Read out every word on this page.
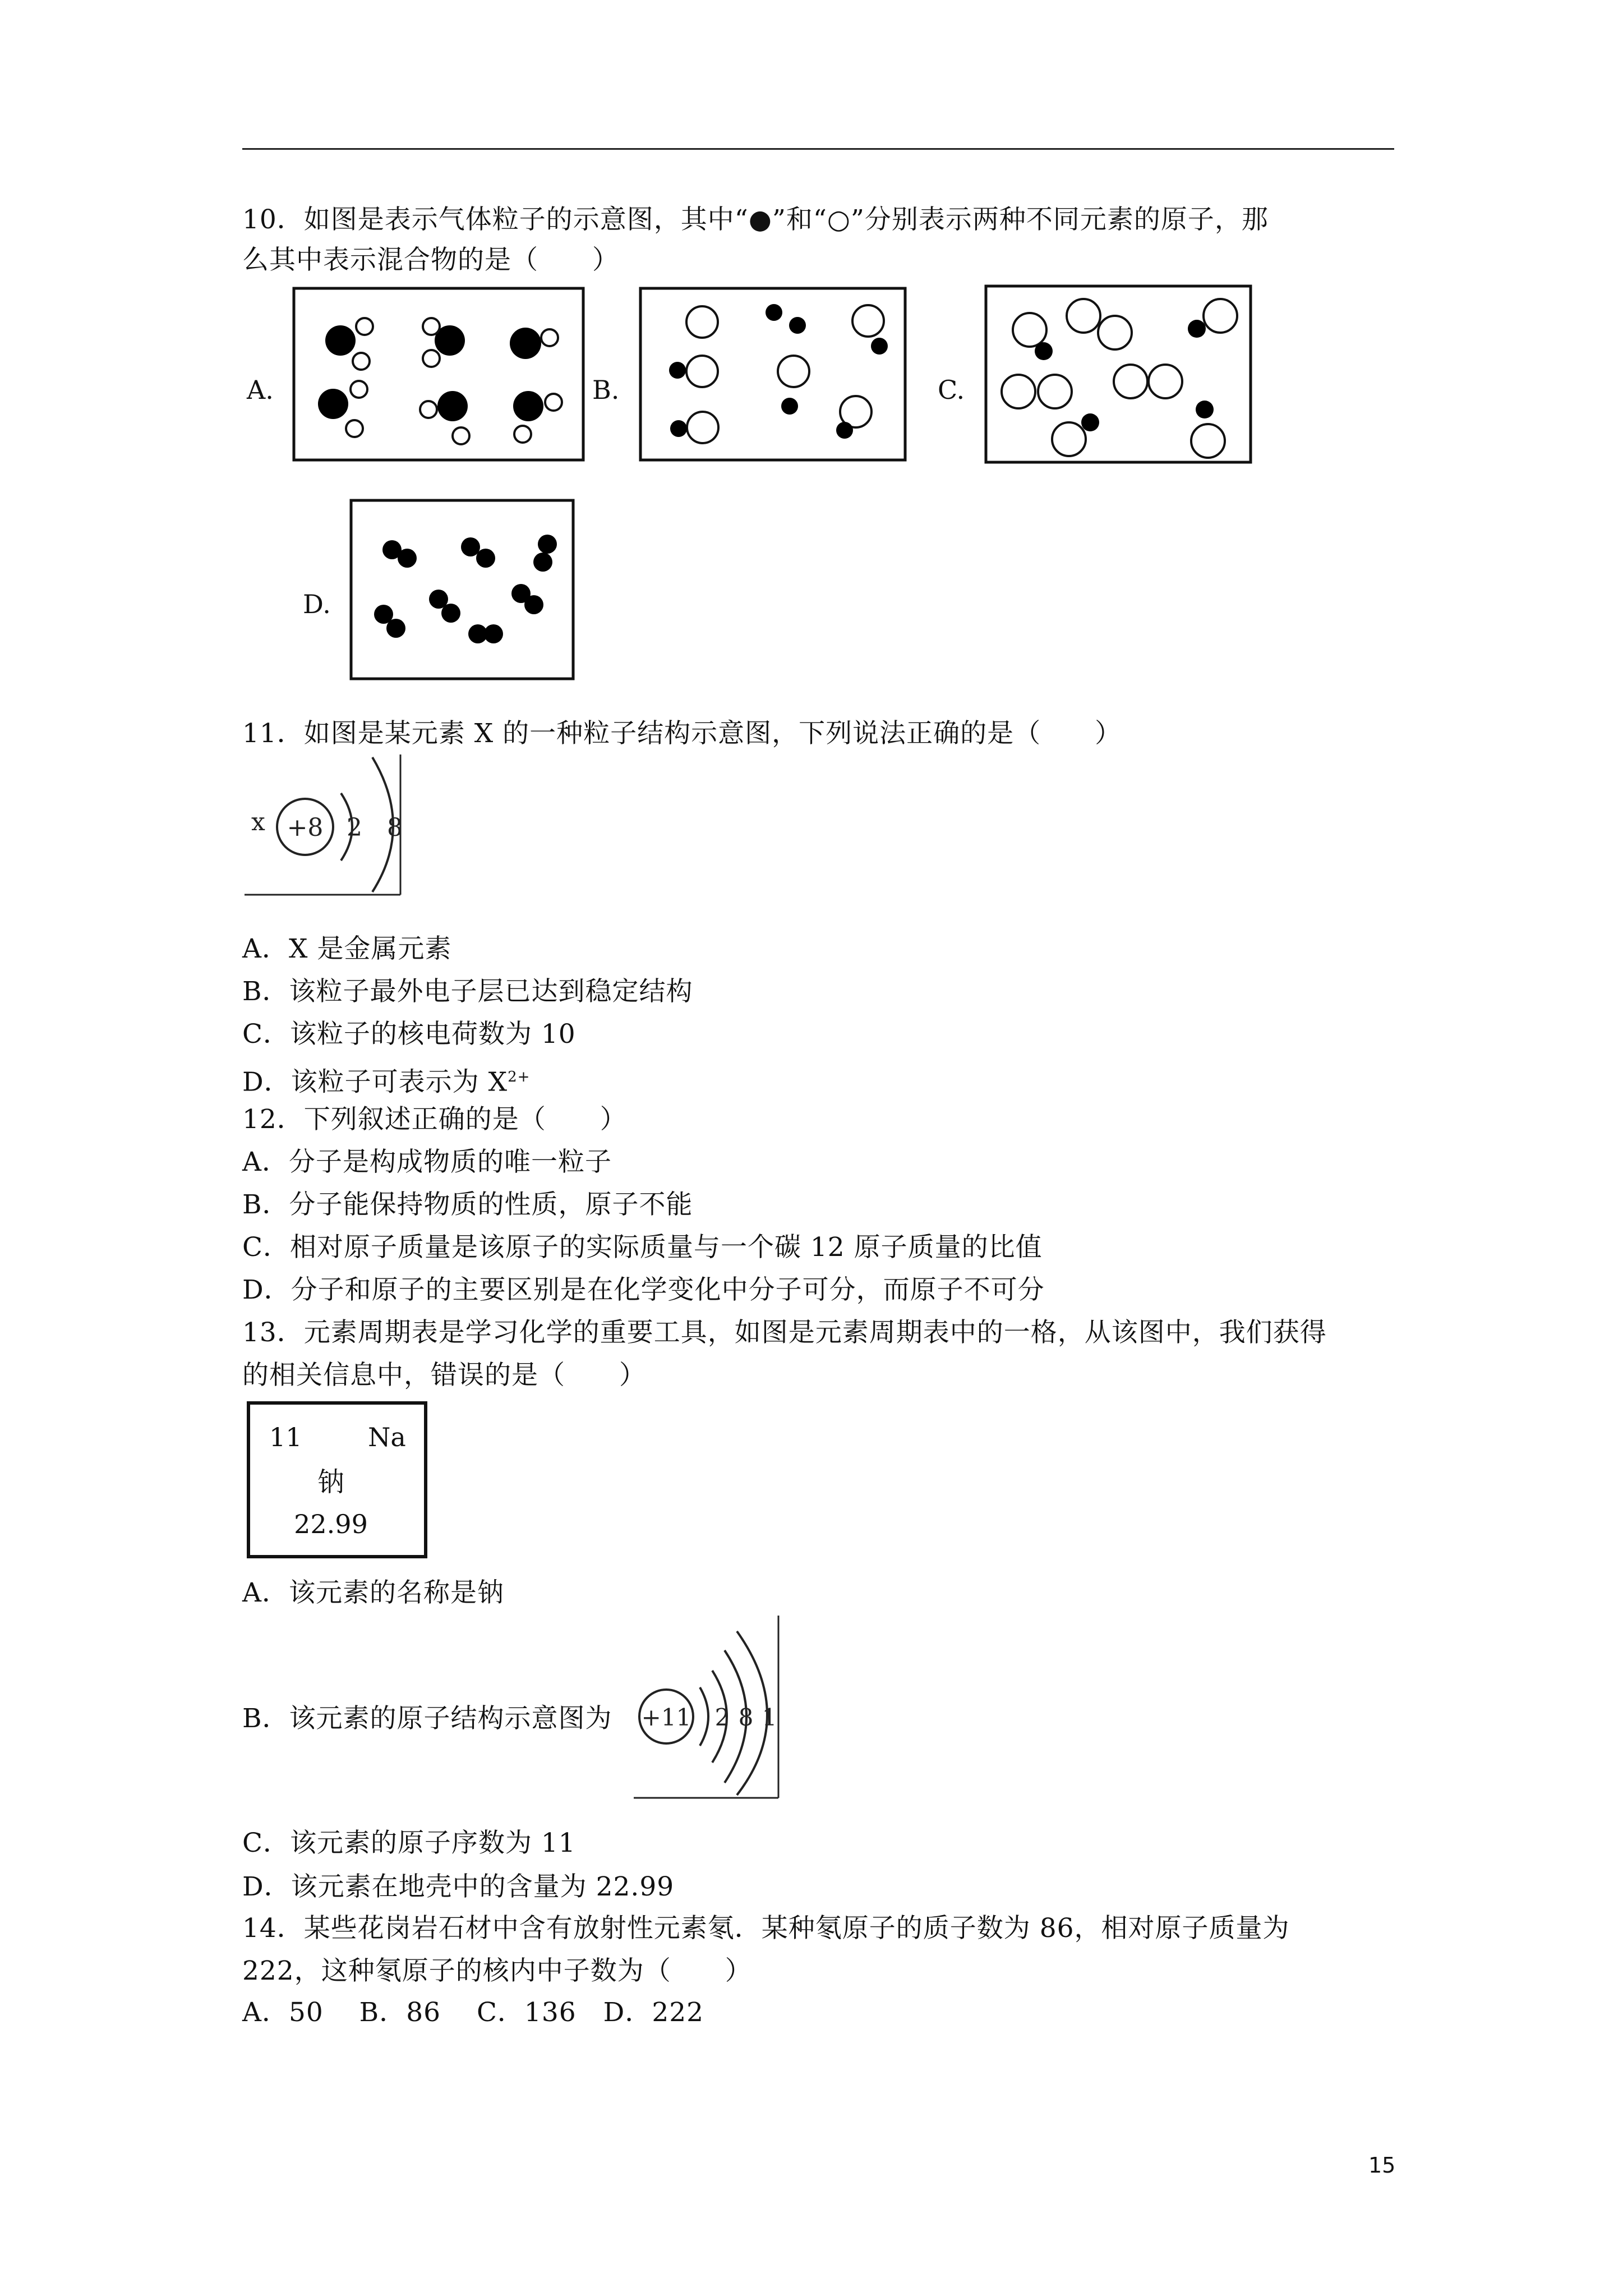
10．如图是表示气体粒子的示意图，其中“●”和“○”分别表示两种不同元素的原子，那
么其中表示混合物的是（　　）
A.	B.	C.
D.
11．如图是某元素 X 的一种粒子结构示意图，下列说法正确的是（　　）
x +8 2 8
A．X 是金属元素
B．该粒子最外电子层已达到稳定结构
C．该粒子的核电荷数为 10
D．该粒子可表示为 $X^{2+}$
12．下列叙述正确的是（　　）
A．分子是构成物质的唯一粒子
B．分子能保持物质的性质，原子不能
C．相对原子质量是该原子的实际质量与一个碳 12 原子质量的比值
D．分子和原子的主要区别是在化学变化中分子可分，而原子不可分
13．元素周期表是学习化学的重要工具，如图是元素周期表中的一格，从该图中，我们获得
的相关信息中，错误的是（　　）
11	Na
钠
22.99
A．该元素的名称是钠
B．该元素的原子结构示意图为 +11 2 8 1
C．该元素的原子序数为 11
D．该元素在地壳中的含量为 22.99
14．某些花岗岩石材中含有放射性元素氡．某种氡原子的质子数为 86，相对原子质量为
222，这种氡原子的核内中子数为（　　）
A．50　 B．86　 C．136　D．222
15
